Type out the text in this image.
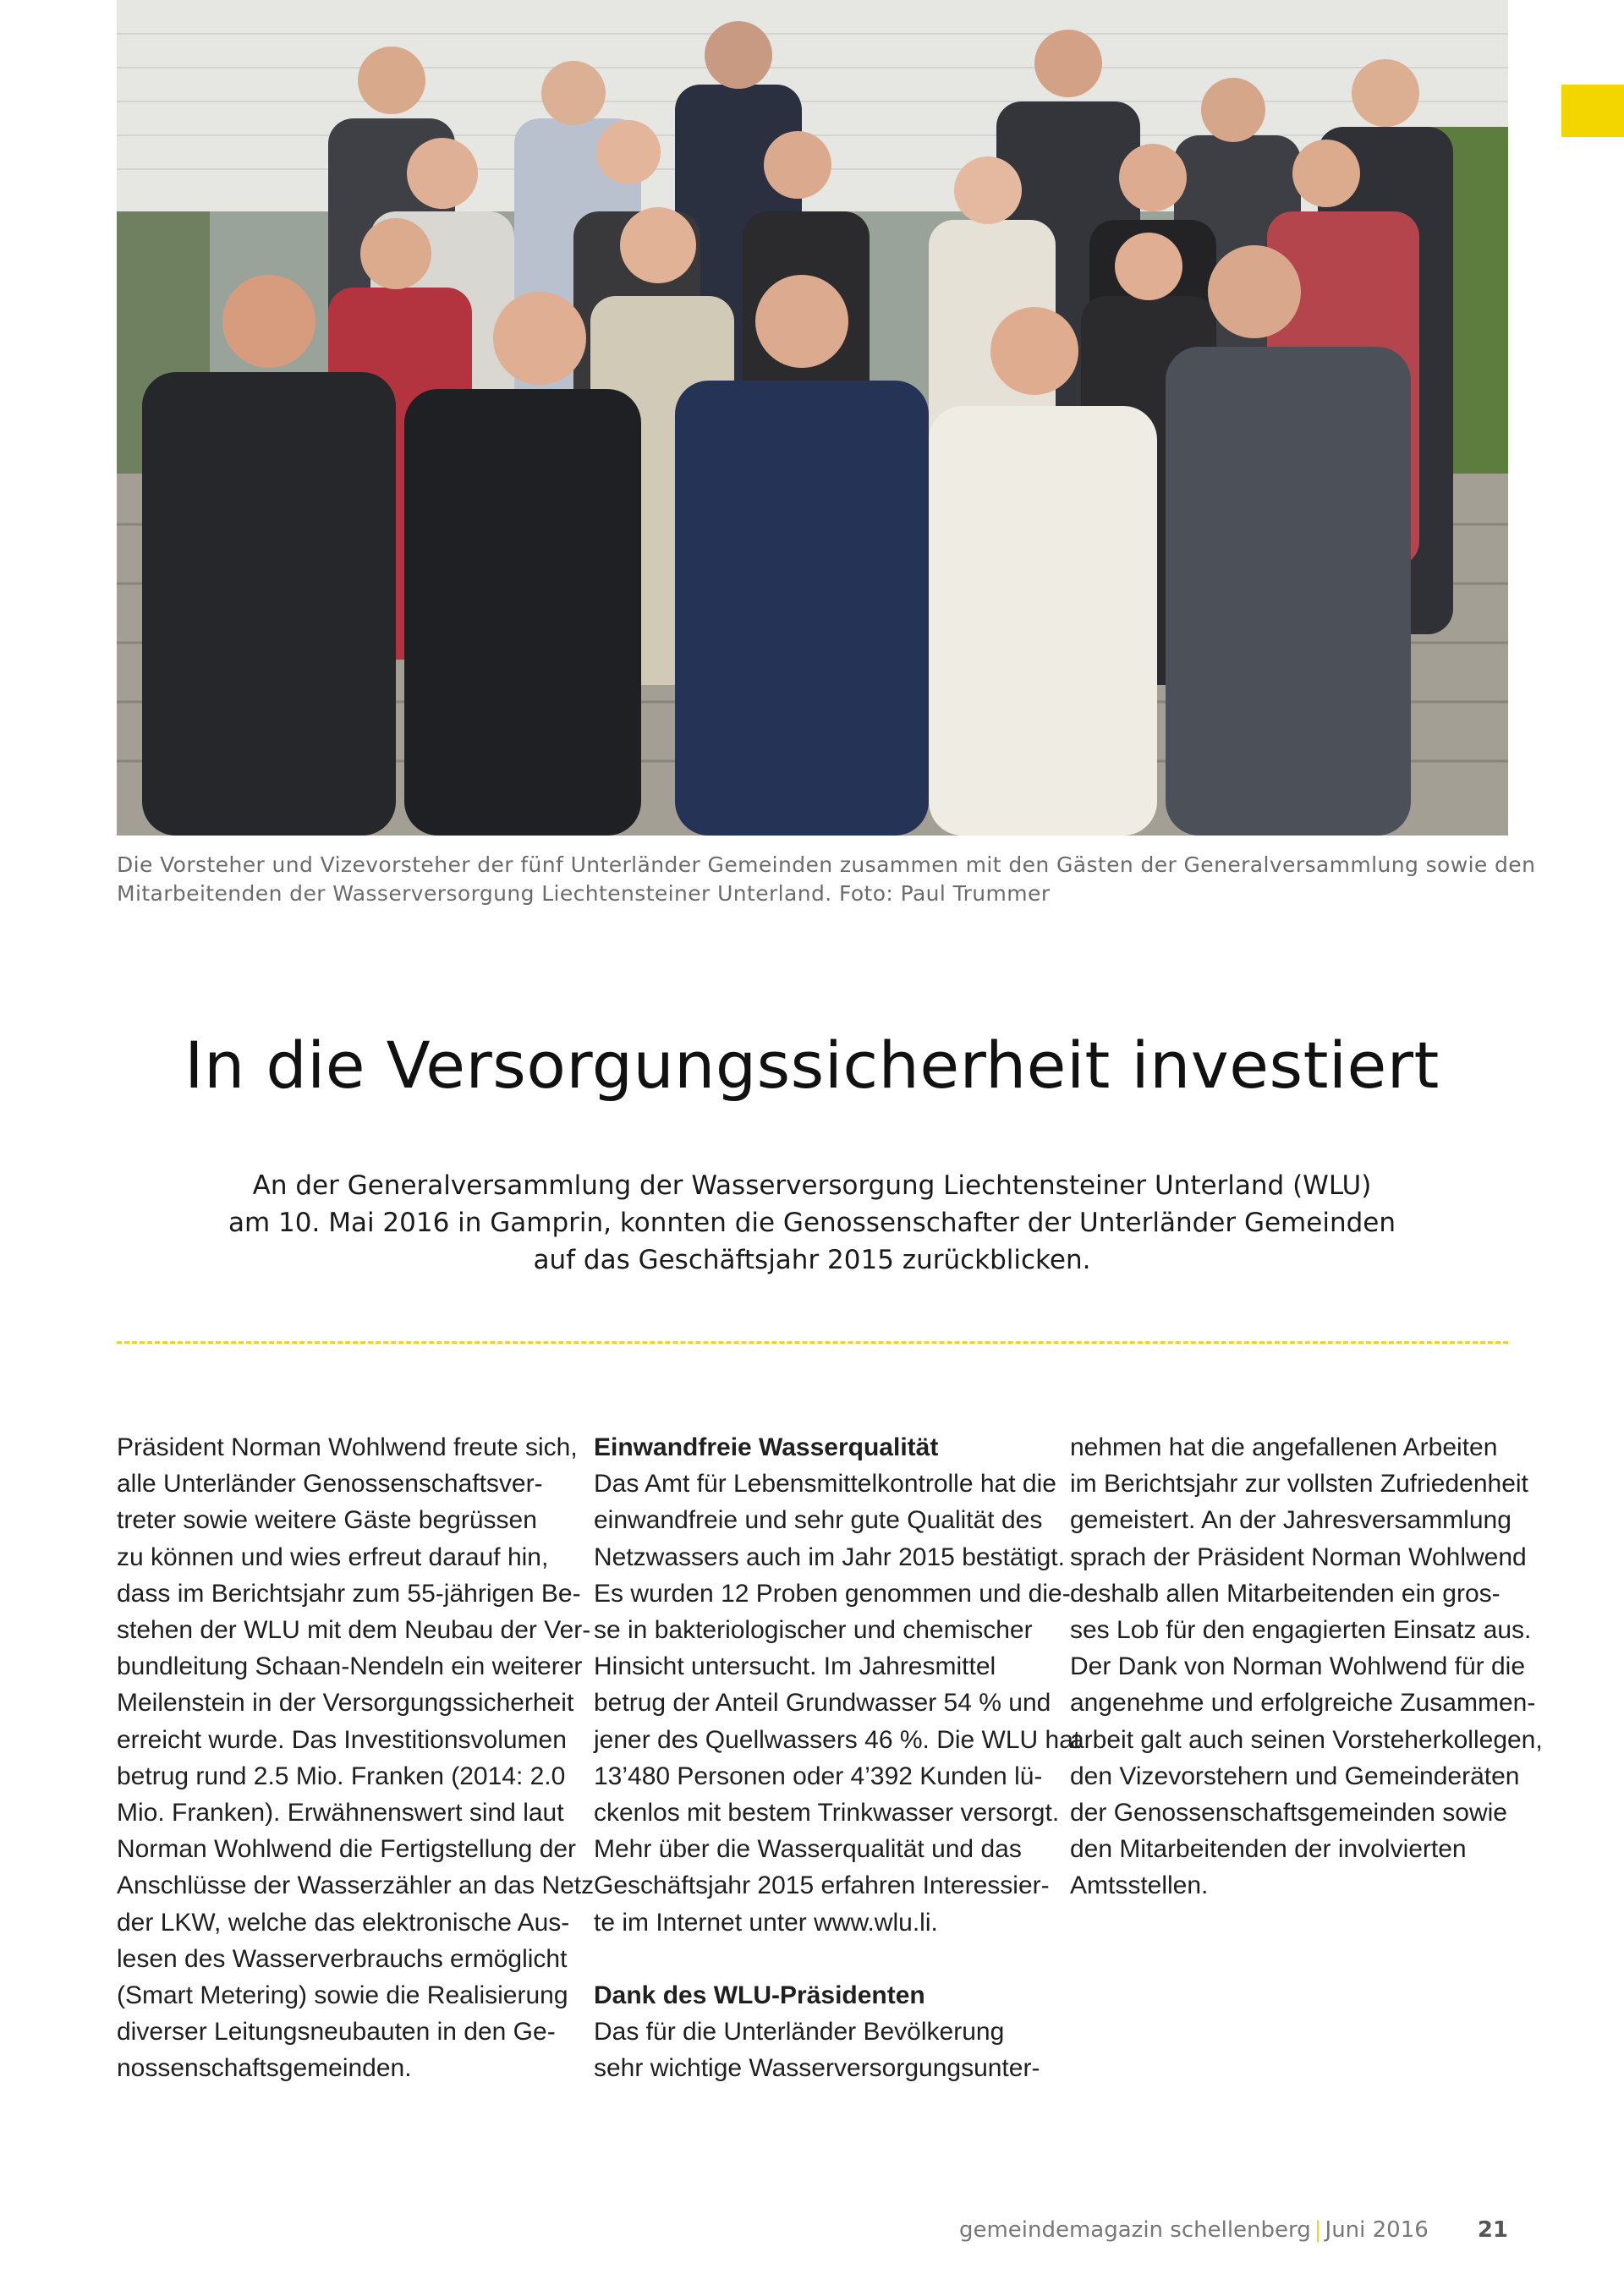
Die Vorsteher und Vizevorsteher der fünf Unterländer Gemeinden zusammen mit den Gästen der Generalversammlung sowie den
Mitarbeitenden der Wasserversorgung Liechtensteiner Unterland. Foto: Paul Trummer
In die Versorgungssicherheit investiert
An der Generalversammlung der Wasserversorgung Liechtensteiner Unterland (WLU)
am 10. Mai 2016 in Gamprin, konnten die Genossenschafter der Unterländer Gemeinden
auf das Geschäftsjahr 2015 zurückblicken.
Präsident Norman Wohlwend freute sich,
alle Unterländer Genossenschaftsver-
treter sowie weitere Gäste begrüssen
zu können und wies erfreut darauf hin,
dass im Berichtsjahr zum 55-jährigen Be-
stehen der WLU mit dem Neubau der Ver-
bundleitung Schaan-Nendeln ein weiterer
Meilenstein in der Versorgungssicherheit
erreicht wurde. Das Investitionsvolumen
betrug rund 2.5 Mio. Franken (2014: 2.0
Mio. Franken). Erwähnenswert sind laut
Norman Wohlwend die Fertigstellung der
Anschlüsse der Wasserzähler an das Netz
der LKW, welche das elektronische Aus-
lesen des Wasserverbrauchs ermöglicht
(Smart Metering) sowie die Realisierung
diverser Leitungsneubauten in den Ge-
nossenschaftsgemeinden.
Einwandfreie Wasserqualität
Das Amt für Lebensmittelkontrolle hat die
einwandfreie und sehr gute Qualität des
Netzwassers auch im Jahr 2015 bestätigt.
Es wurden 12 Proben genommen und die-
se in bakteriologischer und chemischer
Hinsicht untersucht. Im Jahresmittel
betrug der Anteil Grundwasser 54 % und
jener des Quellwassers 46 %. Die WLU hat
13’480 Personen oder 4’392 Kunden lü-
ckenlos mit bestem Trinkwasser versorgt.
Mehr über die Wasserqualität und das
Geschäftsjahr 2015 erfahren Interessier-
te im Internet unter www.wlu.li.
Dank des WLU-Präsidenten
Das für die Unterländer Bevölkerung
sehr wichtige Wasserversorgungsunter-
nehmen hat die angefallenen Arbeiten
im Berichtsjahr zur vollsten Zufriedenheit
gemeistert. An der Jahresversammlung
sprach der Präsident Norman Wohlwend
deshalb allen Mitarbeitenden ein gros-
ses Lob für den engagierten Einsatz aus.
Der Dank von Norman Wohlwend für die
angenehme und erfolgreiche Zusammen-
arbeit galt auch seinen Vorsteherkollegen,
den Vizevorstehern und Gemeinderäten
der Genossenschaftsgemeinden sowie
den Mitarbeitenden der involvierten
Amtsstellen.
gemeindemagazin schellenberg | Juni 2016 21
